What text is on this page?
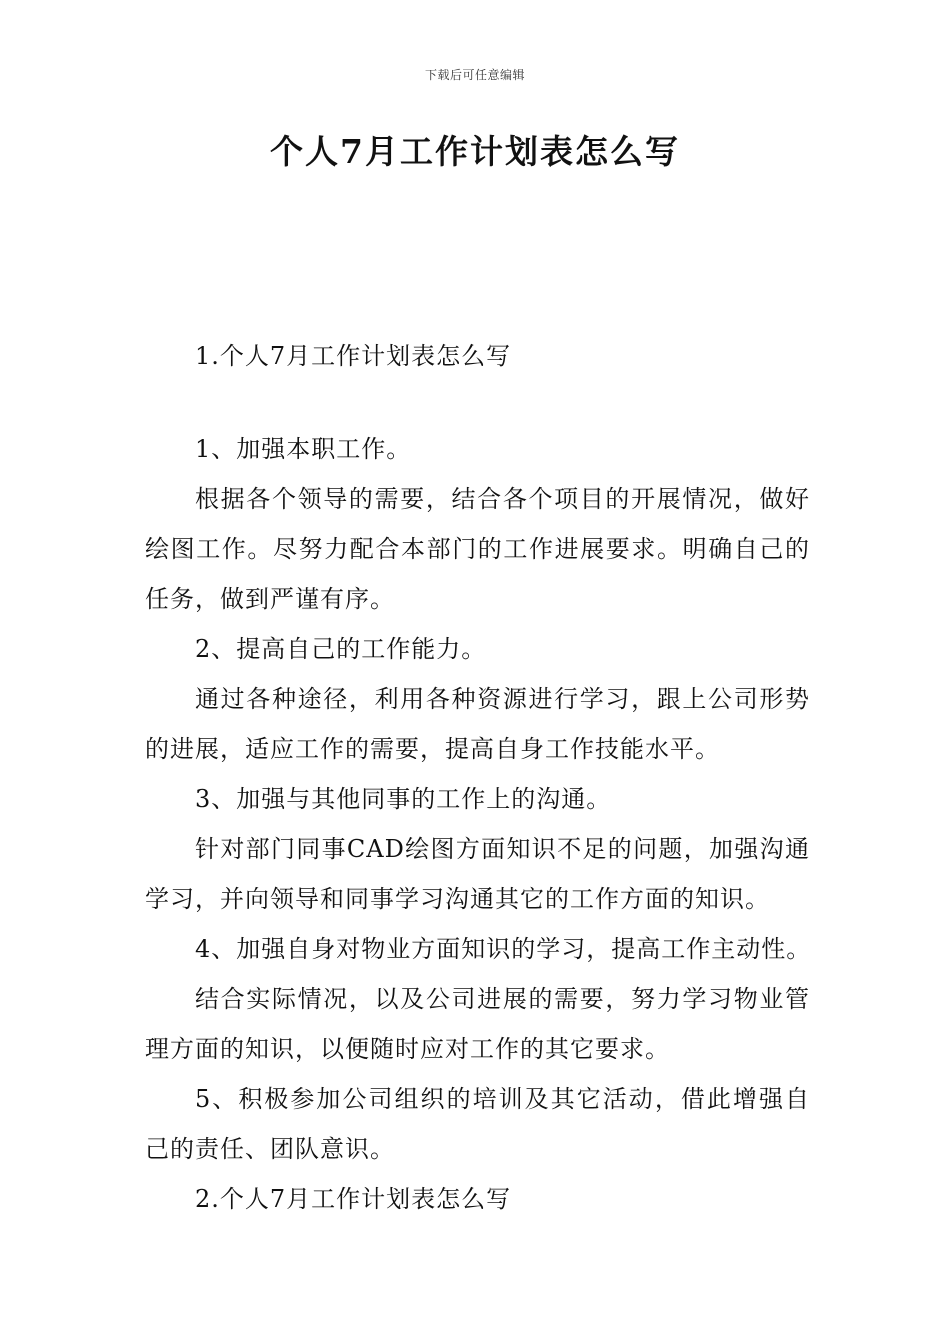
下载后可任意编辑
个人7月工作计划表怎么写
1.个人7月工作计划表怎么写

1、加强本职工作。

根据各个领导的需要，结合各个项目的开展情况，做好绘图工作。尽努力配合本部门的工作进展要求。明确自己的任务，做到严谨有序。

2、提高自己的工作能力。

通过各种途径，利用各种资源进行学习，跟上公司形势的进展，适应工作的需要，提高自身工作技能水平。

3、加强与其他同事的工作上的沟通。

针对部门同事CAD绘图方面知识不足的问题，加强沟通学习，并向领导和同事学习沟通其它的工作方面的知识。

4、加强自身对物业方面知识的学习，提高工作主动性。

结合实际情况，以及公司进展的需要，努力学习物业管理方面的知识，以便随时应对工作的其它要求。

5、积极参加公司组织的培训及其它活动，借此增强自己的责任、团队意识。

2.个人7月工作计划表怎么写
